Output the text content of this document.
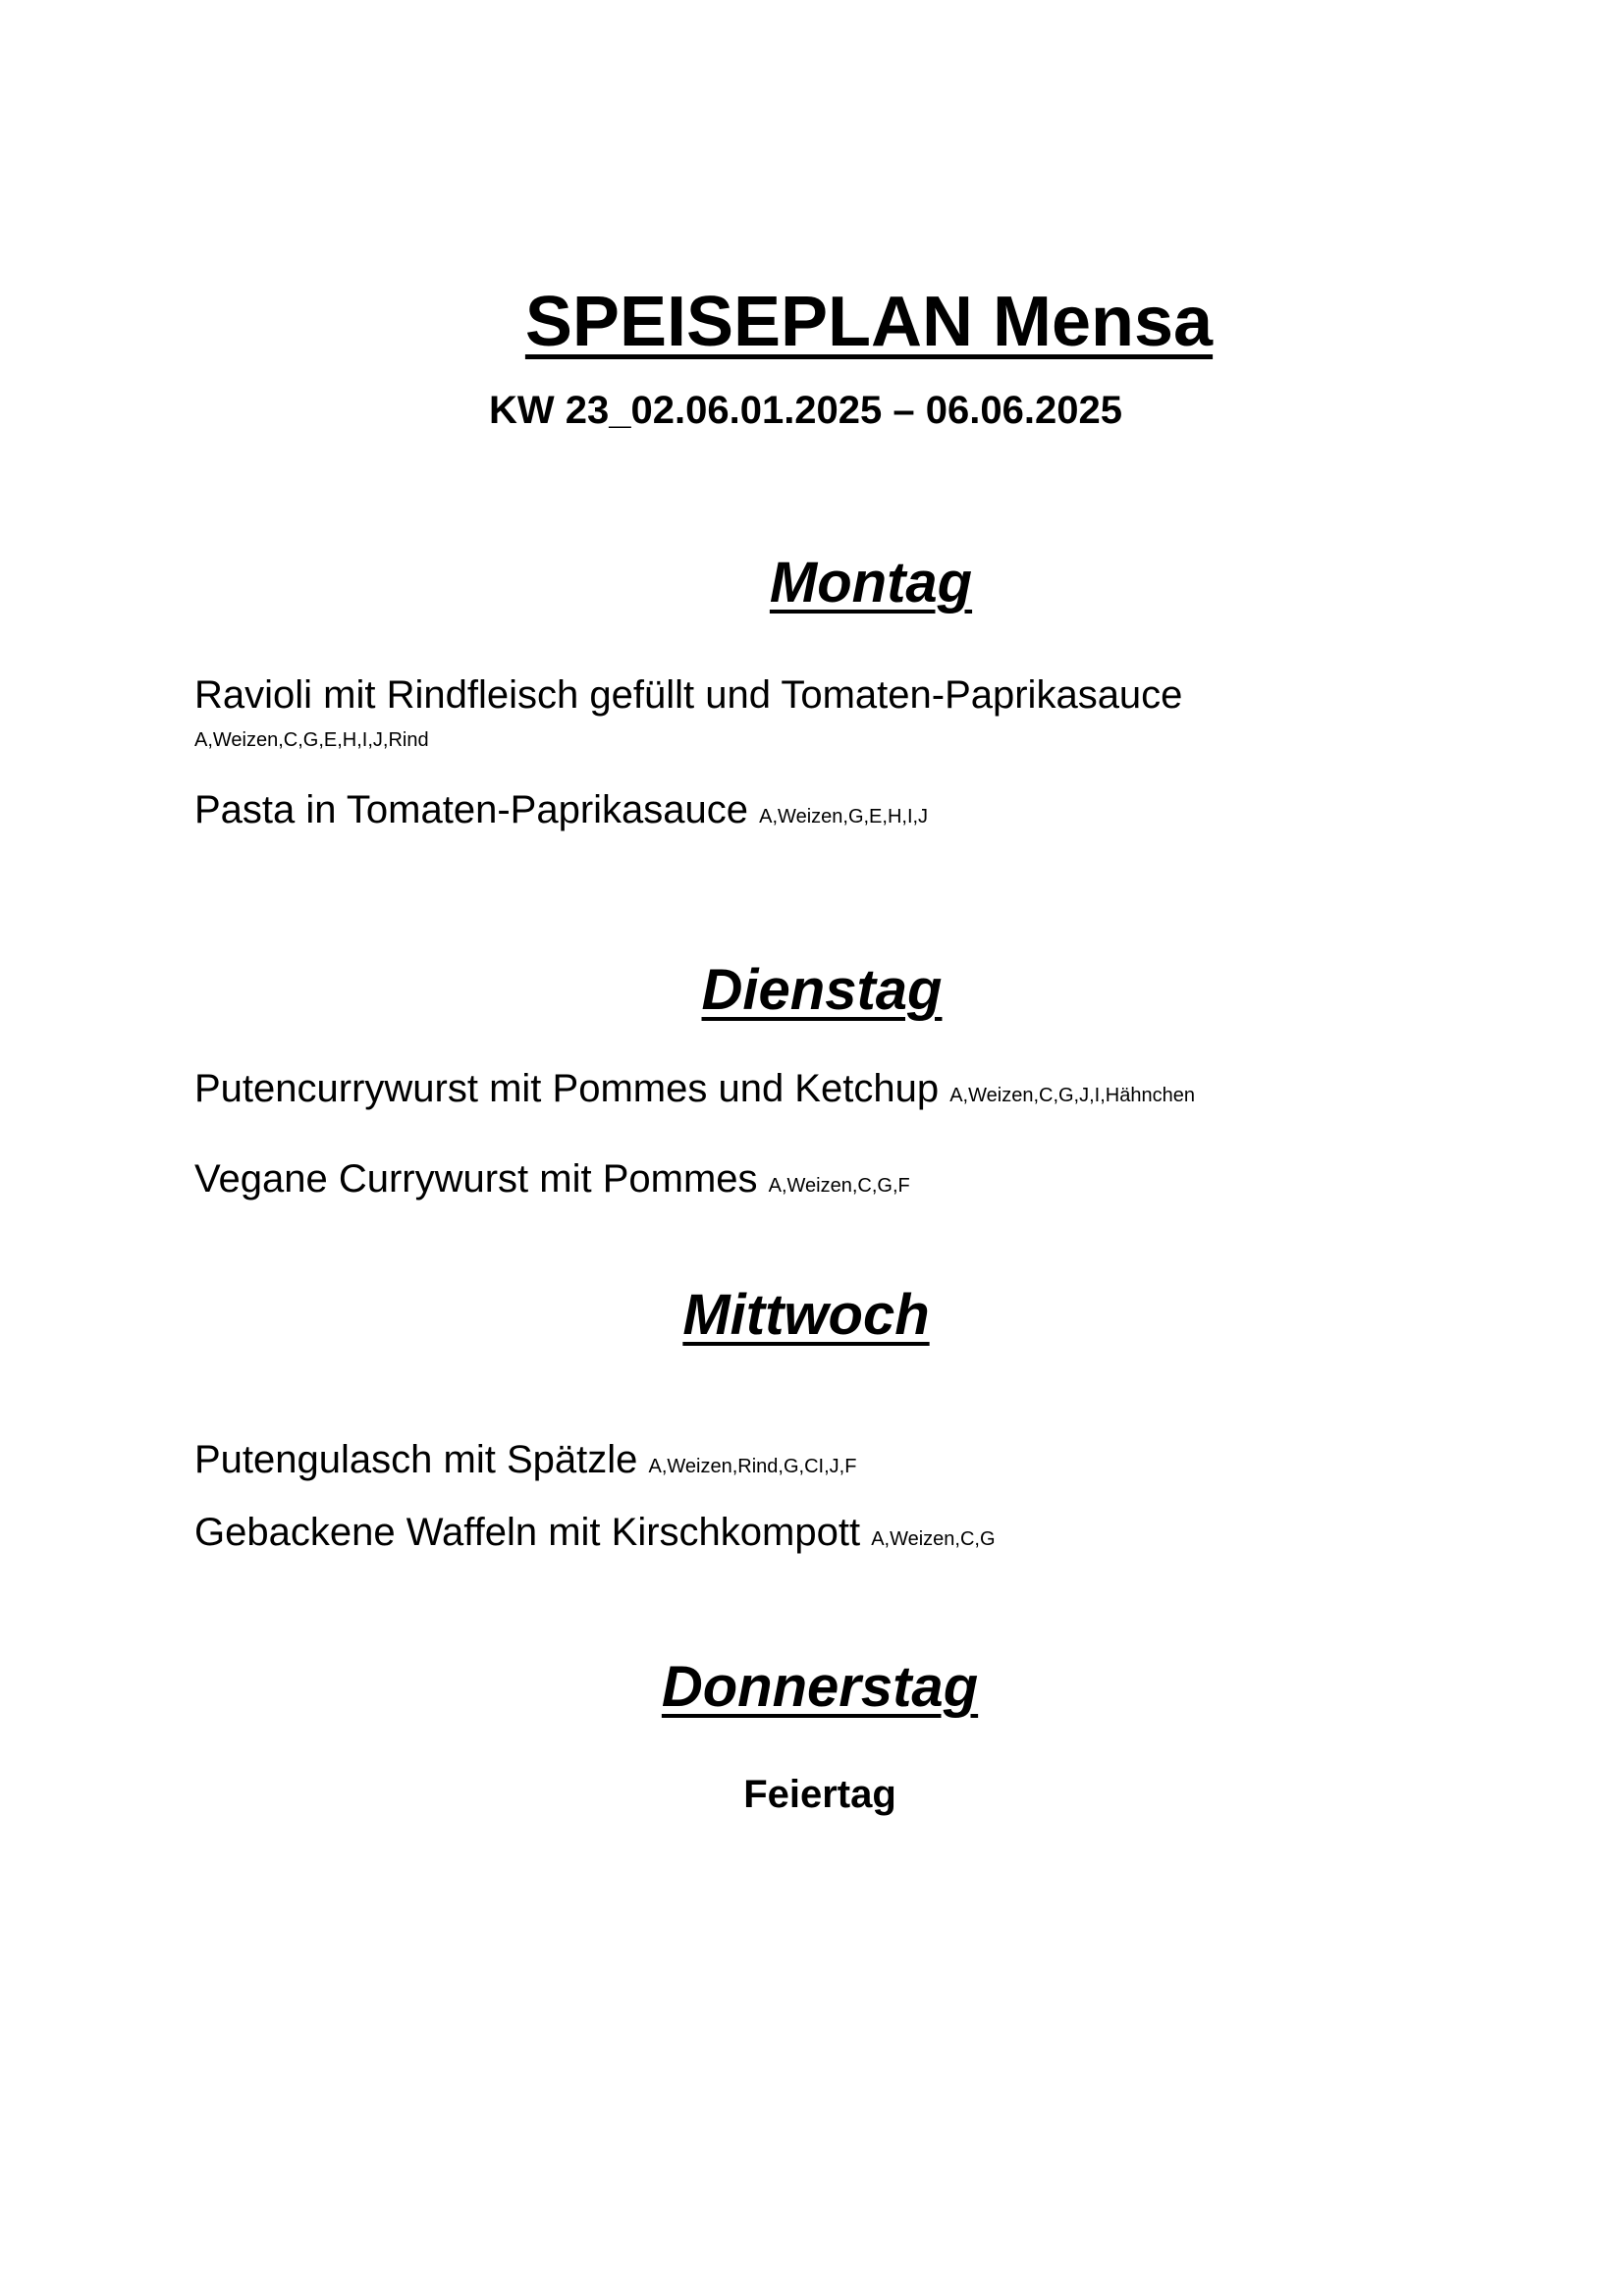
SPEISEPLAN Mensa
KW 23_02.06.01.2025 – 06.06.2025
Montag
Ravioli mit Rindfleisch gefüllt und Tomaten-Paprikasauce
A,Weizen,C,G,E,H,I,J,Rind
Pasta in Tomaten-Paprikasauce A,Weizen,G,E,H,I,J
Dienstag
Putencurrywurst mit Pommes und Ketchup A,Weizen,C,G,J,I,Hähnchen
Vegane Currywurst mit Pommes A,Weizen,C,G,F
Mittwoch
Putengulasch mit Spätzle A,Weizen,Rind,G,CI,J,F
Gebackene Waffeln mit Kirschkompott A,Weizen,C,G
Donnerstag
Feiertag
